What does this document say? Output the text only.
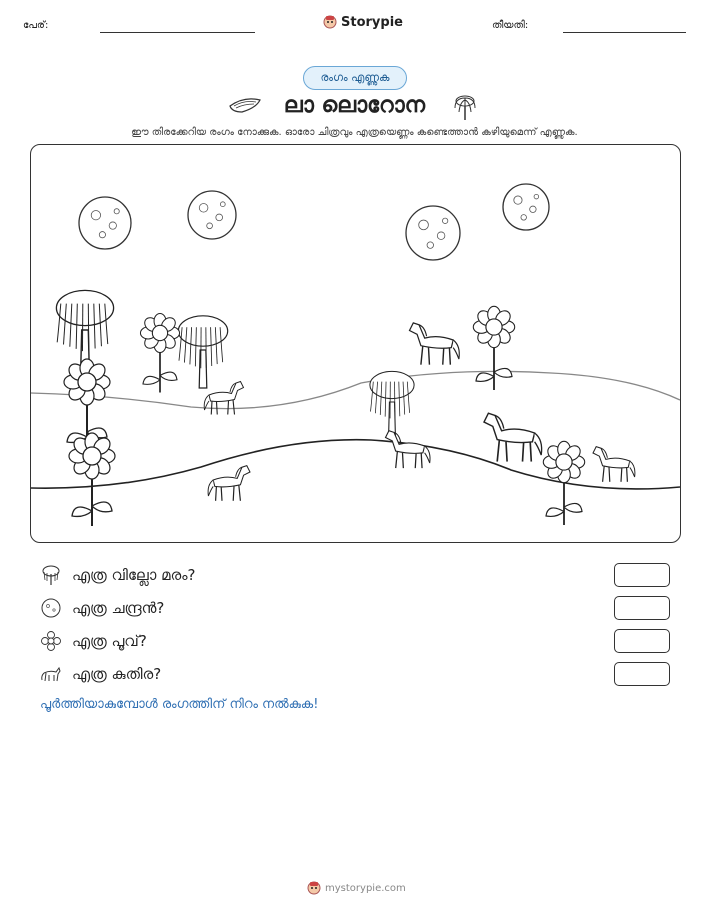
പേര്:	Storypie	തീയതി:
രംഗം എണ്ണുക
ലാ ലൊറോന
ഈ തിരക്കേറിയ രംഗം നോക്കുക. ഓരോ ചിത്രവും എത്രയെണ്ണം കണ്ടെത്താൻ കഴിയുമെന്ന് എണ്ണുക.
എത്ര വില്ലോ മരം?
എത്ര ചന്ദ്രൻ?
എത്ര പൂവ്?
എത്ര കുതിര?
പൂർത്തിയാകുമ്പോൾ രംഗത്തിന് നിറം നൽകുക!
mystorypie.com
